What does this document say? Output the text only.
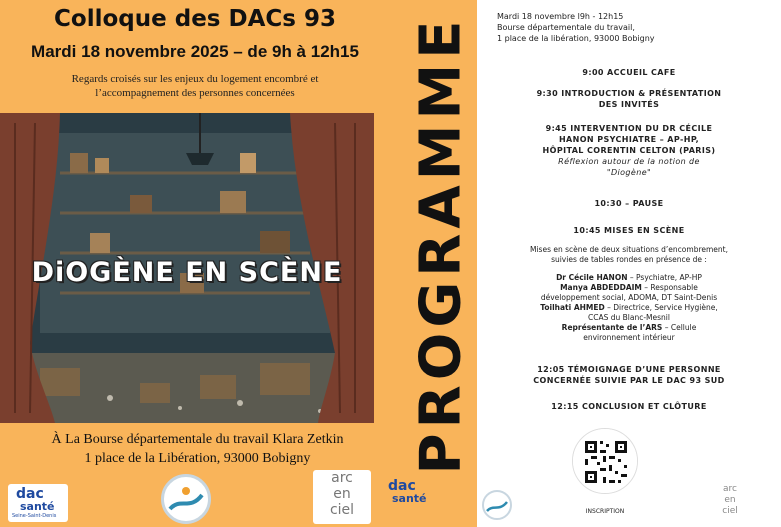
Colloque des DACs 93
Mardi 18 novembre 2025 – de 9h à 12h15
Regards croisés sur les enjeux du logement encombré et
l’accompagnement des personnes concernées
DiOGÈNE EN SCÈNE
À La Bourse départementale du travail Klara Zetkin
1 place de la Libération, 93000 Bobigny
dac
santé
Seine-Saint-Denis
arc
en
ciel
PROGRAMME
dac
santé
Mardi 18 novembre l9h - 12h15
Bourse départementale du travail,
1 place de la libération, 93000 Bobigny
9:00 ACCUEIL CAFE
9:30 INTRODUCTION & PRÉSENTATION
DES INVITÉS
9:45 INTERVENTION DU DR CÉCILE
HANON PSYCHIATRE – AP-HP,
HÔPITAL CORENTIN CELTON (PARIS)
Réflexion autour de la notion de
"Diogène"
10:30 – PAUSE
10:45 MISES EN SCÈNE
Mises en scène de deux situations d’encombrement,
suivies de tables rondes en présence de :
Dr Cécile HANON – Psychiatre, AP-HP
Manya ABDEDDAIM – Responsable
développement social, ADOMA, DT Saint-Denis
Toilhati AHMED – Directrice, Service Hygiène,
CCAS du Blanc-Mesnil
Représentante de l’ARS – Cellule
environnement intérieur
12:05 TÉMOIGNAGE D’UNE PERSONNE
CONCERNÉE SUIVIE PAR LE DAC 93 SUD
12:15 CONCLUSION ET CLÔTURE
INSCRIPTION
arc
en
ciel
